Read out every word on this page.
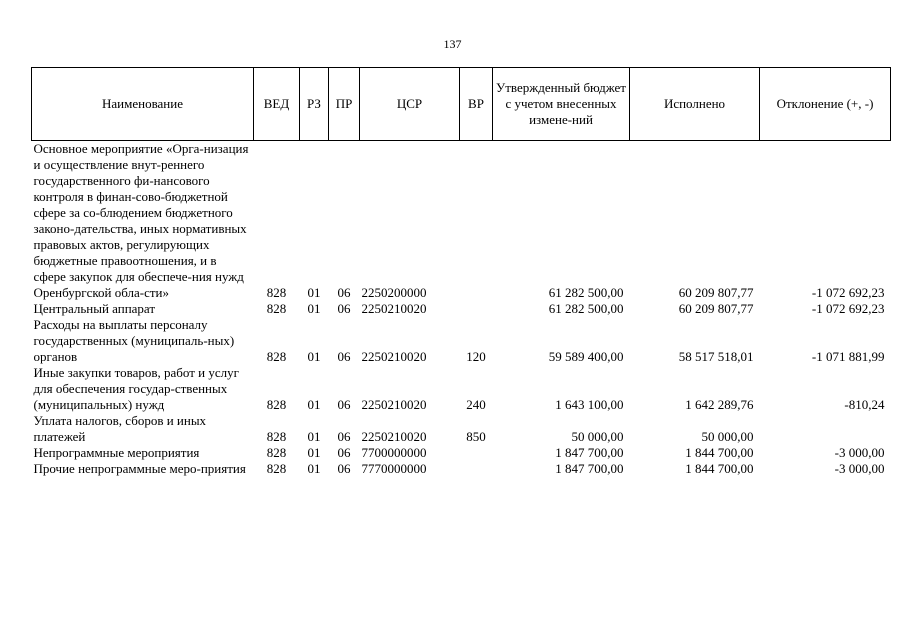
137
Наименование	ВЕД	РЗ	ПР	ЦСР	ВР	Утвержденный бюджет с учетом внесенных измене-ний	Исполнено	Отклонение (+, -)
Основное мероприятие «Орга-низация и осуществление внут-реннего государственного фи-нансового контроля в финан-сово-бюджетной сфере за со-блюдением бюджетного законо-дательства, иных нормативных правовых актов, регулирующих бюджетные правоотношения, и в сфере закупок для обеспече-ния нужд Оренбургской обла-сти»	828	01	06	2250200000		61 282 500,00	60 209 807,77	-1 072 692,23
Центральный аппарат	828	01	06	2250210020		61 282 500,00	60 209 807,77	-1 072 692,23
Расходы на выплаты персоналу государственных (муниципаль-ных) органов	828	01	06	2250210020	120	59 589 400,00	58 517 518,01	-1 071 881,99
Иные закупки товаров, работ и услуг для обеспечения государ-ственных (муниципальных) нужд	828	01	06	2250210020	240	1 643 100,00	1 642 289,76	-810,24
Уплата налогов, сборов и иных платежей	828	01	06	2250210020	850	50 000,00	50 000,00	
Непрограммные мероприятия	828	01	06	7700000000		1 847 700,00	1 844 700,00	-3 000,00
Прочие непрограммные меро-приятия	828	01	06	7770000000		1 847 700,00	1 844 700,00	-3 000,00
